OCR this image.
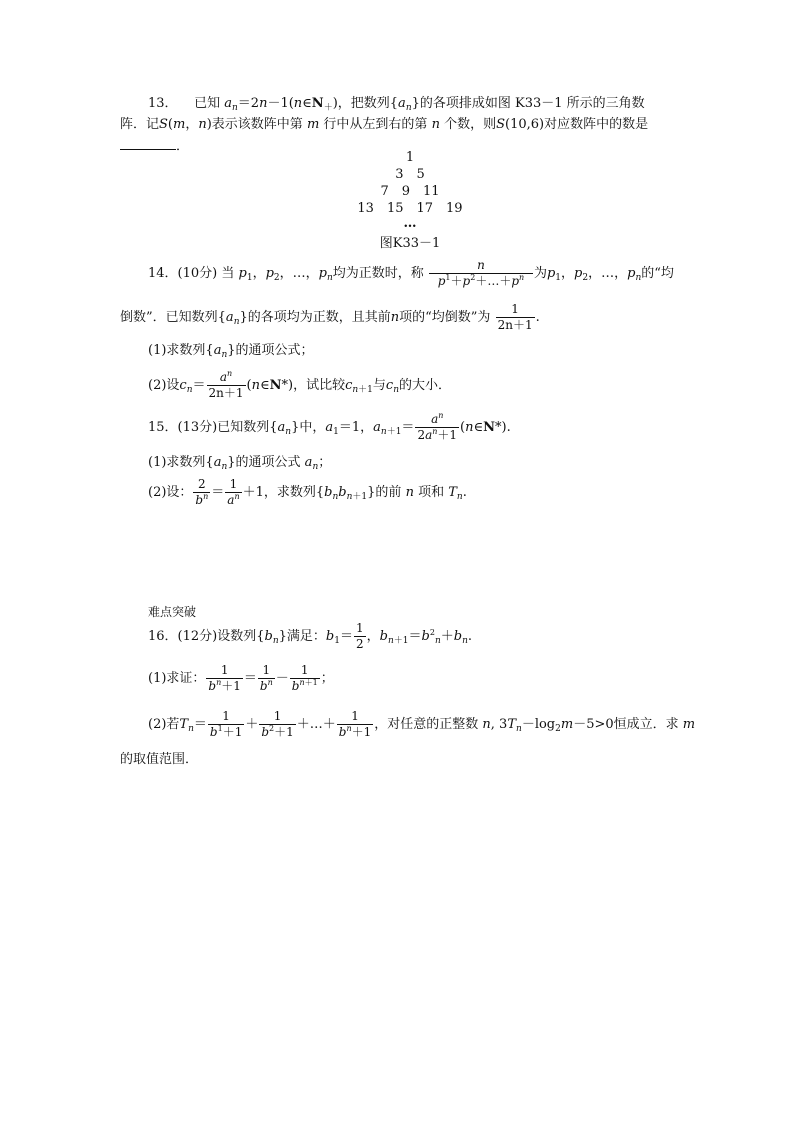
13． 已知 $a_n=2n-1(n\in N_+)$，把数列$\{a_n\}$的各项排成如图 K33－1 所示的三角数
阵．记S(m，n)表示该数阵中第 m 行中从左到右的第 n 个数，则S(10,6)对应数阵中的数是
．
1
3　5
7　9　11
13　15　17　19
…
图K33－1
14．(10分) 当 $p_1$，$p_2$，…，$p_n$均为正数时，称 $\frac{n}{p^1+p^2+\dots+p^n}$ 为$p_1$，$p_2$，…，$p_n$的“均
倒数”．已知数列$\{a_n\}$的各项均为正数，且其前n项的“均倒数”为 $\frac{1}{2n+1}$ .
(1)求数列$\{a_n\}$的通项公式；
(2)设$c_n= \frac{a^n}{2n+1}$ (n∈N*)，试比较$c_{n+1}$与$c_n$的大小．
15．(13分)已知数列$\{a_n\}$中，$a_1=1$，$a_{n+1}= \frac{a^n}{2a^n+1}$ (n∈N*).
(1)求数列$\{a_n\}$的通项公式 $a_n$；
(2)设： $\frac{2}{b^n} = \frac{1}{a^n} +1$，求数列$\{b_nb_{n+1}\}$的前 n 项和 $T_n$.
难点突破
16．(12分)设数列$\{b_n\}$满足：$b_1= \frac{1}{2}$ ，$b_{n+1}=b^2_n+b_n$.
(1)求证： $\frac{1}{b^n+1} = \frac{1}{b^n} - \frac{1}{b^{n+1}}$ ；
(2)若$T_n= \frac{1}{b^1+1} + \frac{1}{b^2+1}$ ＋…＋ $\frac{1}{b^n+1}$ ，对任意的正整数 n, $3T_n-\log_2m-5>0$恒成立．求 m
的取值范围．
